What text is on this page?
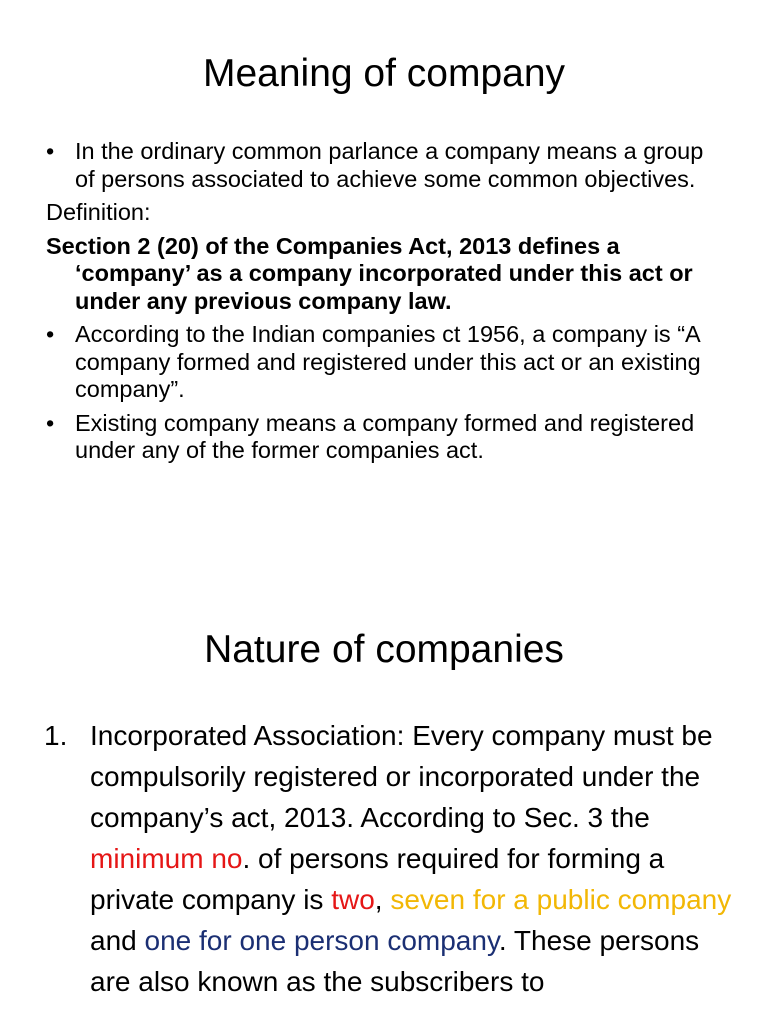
Meaning of company

• In the ordinary common parlance a company means a group of persons associated to achieve some common objectives.

Definition:

Section 2 (20) of the Companies Act, 2013 defines a ‘company’ as a company incorporated under this act or under any previous company law.

• According to the Indian companies ct 1956, a company is “A company formed and registered under this act or an existing company”.

• Existing company means a company formed and registered under any of the former companies act.

Nature of companies

1. Incorporated Association: Every company must be compulsorily registered or incorporated under the company’s act, 2013. According to Sec. 3 the minimum no. of persons required for forming a private company is two, seven for a public company and one for one person company. These persons are also known as the subscribers to
